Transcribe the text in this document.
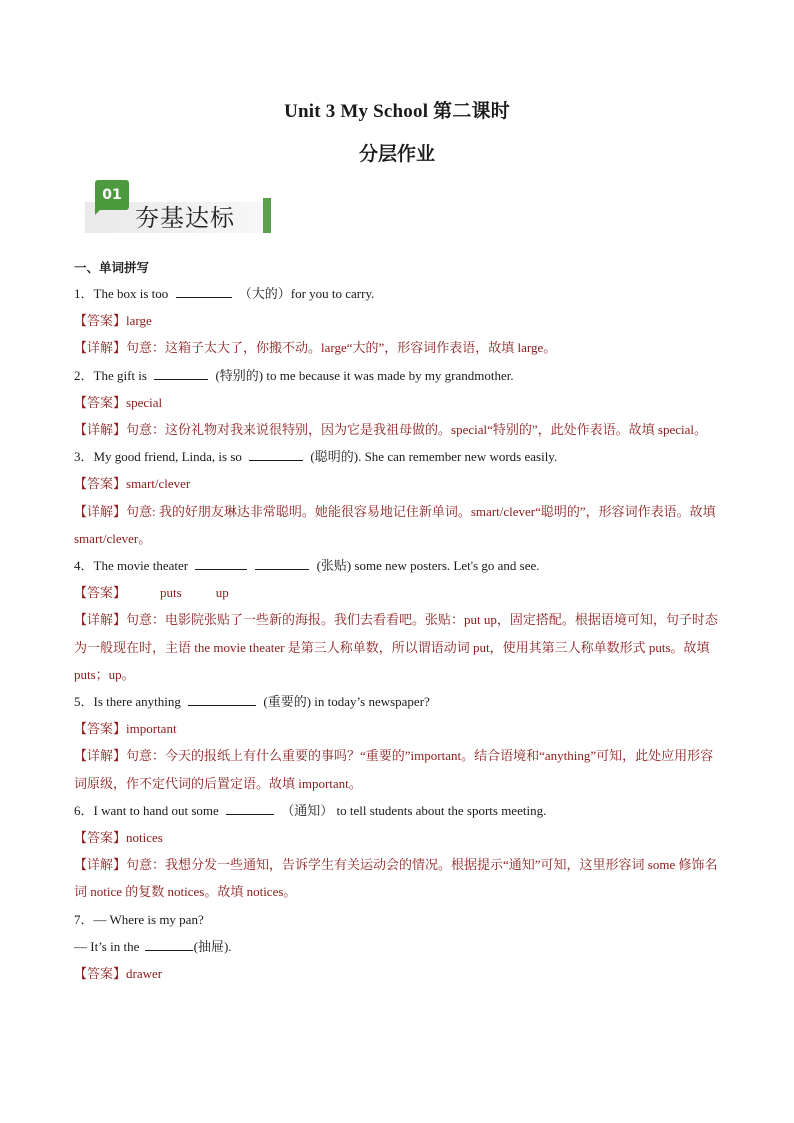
Unit 3 My School 第二课时
分层作业
01
夯基达标
一、单词拼写
1．The box is too	（大的）for you to carry.
【答案】large
【详解】句意：这箱子太大了，你搬不动。large“大的”，形容词作表语，故填 large。
2．The gift is	(特别的) to me because it was made by my grandmother.
【答案】special
【详解】句意：这份礼物对我来说很特别，因为它是我祖母做的。special“特别的”，此处作表语。故填 special。
3．My good friend, Linda, is so	(聪明的). She can remember new words easily.
【答案】smart/clever
【详解】句意: 我的好朋友琳达非常聪明。她能很容易地记住新单词。smart/clever“聪明的”，形容词作表语。故填 smart/clever。
4．The movie theater	(张贴) some new posters. Let's go and see.
【答案】	puts	up
【详解】句意：电影院张贴了一些新的海报。我们去看看吧。张贴：put up，固定搭配。根据语境可知，句子时态为一般现在时，主语 the movie theater 是第三人称单数，所以谓语动词 put，使用其第三人称单数形式 puts。故填 puts；up。
5．Is there anything	(重要的) in today’s newspaper?
【答案】important
【详解】句意：今天的报纸上有什么重要的事吗？“重要的”important。结合语境和“anything”可知，此处应用形容词原级，作不定代词的后置定语。故填 important。
6．I want to hand out some	（通知） to tell students about the sports meeting.
【答案】notices
【详解】句意：我想分发一些通知，告诉学生有关运动会的情况。根据提示“通知”可知，这里形容词 some 修饰名词 notice 的复数 notices。故填 notices。
7．— Where is my pan?
— It’s in the	(抽屉).
【答案】drawer
